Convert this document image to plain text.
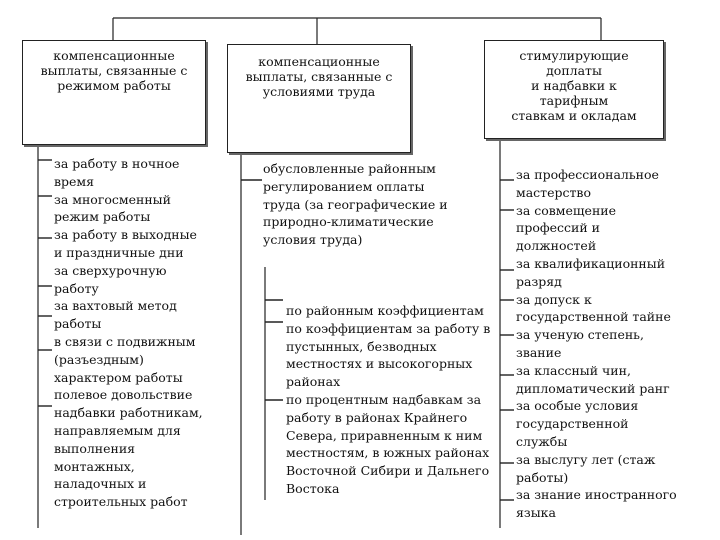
компенсационные
выплаты, связанные с
режимом работы
компенсационные
выплаты, связанные с
условиями труда
стимулирующие
доплаты
и надбавки к
тарифным
ставкам и окладам
за работу в ночное
время
за многосменный
режим работы
за работу в выходные
и праздничные дни
за сверхурочную
работу
за вахтовый метод
работы
в связи с подвижным
(разъездным)
характером работы
полевое довольствие
надбавки работникам,
направляемым для
выполнения
монтажных,
наладочных и
строительных работ
обусловленные районным
регулированием оплаты
труда (за географические и
природно-климатические
условия труда)
по районным коэффициентам
по коэффициентам за работу в
пустынных, безводных
местностях и высокогорных
районах
по процентным надбавкам за
работу в районах Крайнего
Севера, приравненным к ним
местностям, в южных районах
Восточной Сибири и Дальнего
Востока
за профессиональное
мастерство
за совмещение
профессий и
должностей
за квалификационный
разряд
за допуск к
государственной тайне
за ученую степень,
звание
за классный чин,
дипломатический ранг
за особые условия
государственной
службы
за выслугу лет (стаж
работы)
за знание иностранного
языка
